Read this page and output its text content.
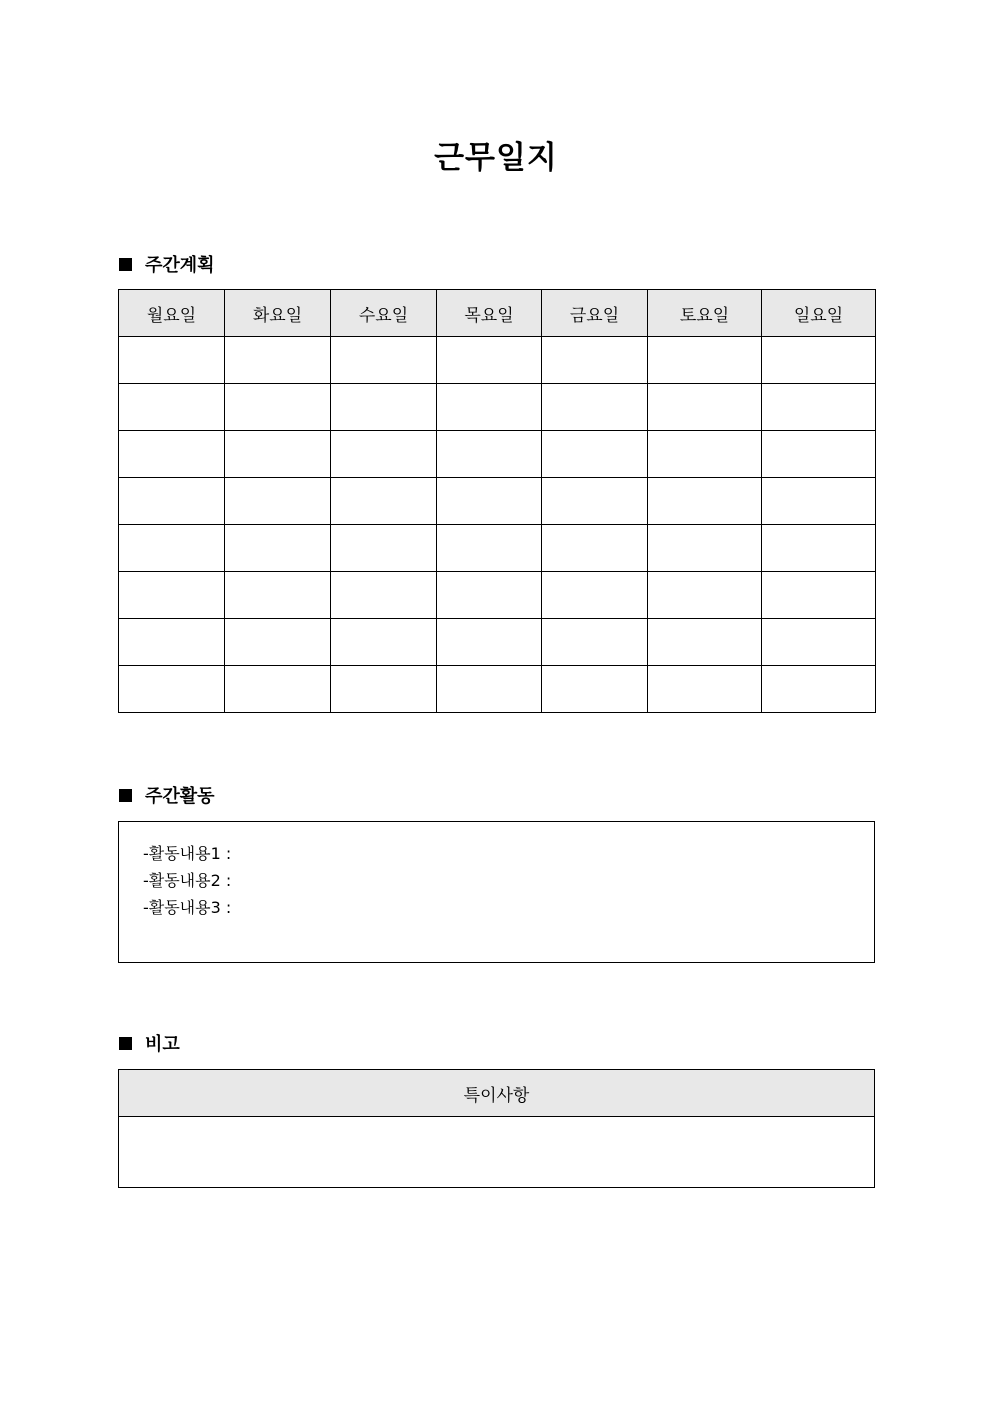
근무일지
주간계획
월요일	화요일	수요일	목요일	금요일	토요일	일요일

주간활동
-활동내용1 :
-활동내용2 :
-활동내용3 :
비고
특이사항
